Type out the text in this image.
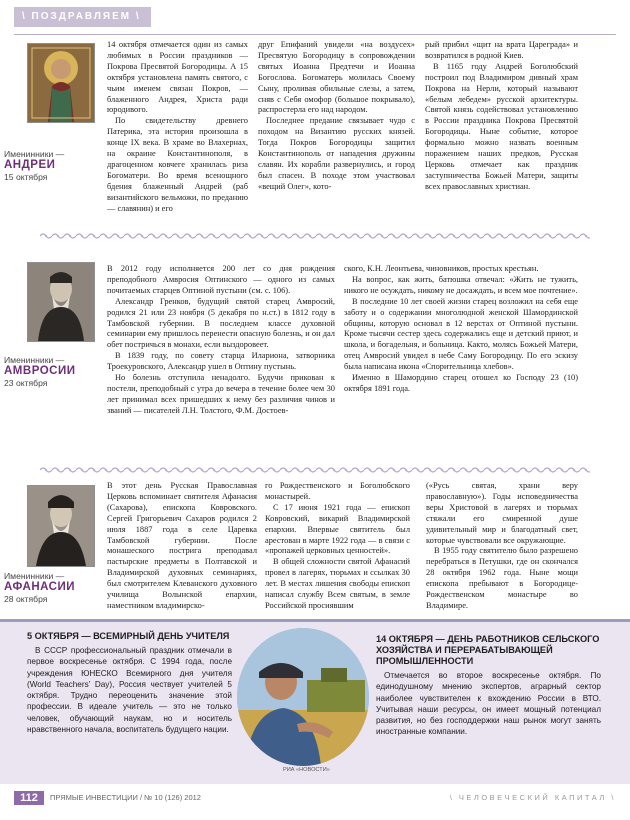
\ ПОЗДРАВЛЯЕМ \
Именинники —
АНДРЕИ
15 октября

14 октября отмечается один из самых любимых в России праздников — Покрова Пресвятой Богородицы. А 15 октября установлена память святого, с чьим именем связан Покров, — блаженного Андрея, Христа ради юродивого.

По свидетельству древнего Патерика, эта история произошла в конце IX века. В храме во Влахернах, на окраине Константинополя, в драгоценном ковчеге хранилась риза Богоматери. Во время всенощного бдения блаженный Андрей (раб византийского вельможи, по преданию — славянин) и его

друг Епифаний увидели «на воздусех» Пресвятую Богородицу в сопровождении святых Иоанна Предтечи и Иоанна Богослова. Богоматерь молилась Своему Сыну, проливая обильные слезы, а затем, сняв с Себя омофор (большое покрывало), распростерла его над народом.

Последнее предание связывает чудо с походом на Византию русских князей. Тогда Покров Богородицы защитил Константинополь от нападения дружины славян. Их корабли развернулись, и город был спасен. В походе этом участвовал «вещий Олег», кото-

рый прибил «щит на врата Цареграда» и возвратился в родной Киев.

В 1165 году Андрей Боголюбский построил под Владимиром дивный храм Покрова на Нерли, который называют «белым лебедем» русской архитектуры. Святой князь содействовал установлению в России праздника Покрова Пресвятой Богородицы. Ныне событие, которое формально можно назвать военным поражением наших предков, Русская Церковь отмечает как праздник заступничества Божьей Матери, защиты всех православных христиан.

Именинники —
АМВРОСИИ
23 октября

В 2012 году исполняется 200 лет со дня рождения преподобного Амвросия Оптинского — одного из самых почитаемых старцев Оптиной пустыни (см. с. 106).

Александр Гренков, будущий святой старец Амвросий, родился 21 или 23 ноября (5 декабря по н.ст.) в 1812 году в Тамбовской губернии. В последнем классе духовной семинарии ему пришлось перенести опасную болезнь, и он дал обет постричься в монахи, если выздоровеет.

В 1839 году, по совету старца Илариона, затворника Троекуровского, Александр ушел в Оптину пустынь.

Но болезнь отступила ненадолго. Будучи прикован к постели, преподобный с утра до вечера в течение более чем 30 лет принимал всех пришедших к нему без различия чинов и званий — писателей Л.Н. Толстого, Ф.М. Достоев-

ского, К.Н. Леонтьева, чиновников, простых крестьян.

На вопрос, как жить, батюшка отвечал: «Жить не тужить, никого не осуждать, никому не досаждать, и всем мое почтение».

В последние 10 лет своей жизни старец возложил на себя еще заботу и о содержании многолюдной женской Шамординской общины, которую основал в 12 верстах от Оптиной пустыни. Кроме тысячи сестер здесь содержались еще и детский приют, и школа, и богадельня, и больница. Както, молясь Божьей Матери, отец Амвросий увидел в небе Саму Богородицу. По его эскизу была написана икона «Спорительница хлебов».

Именно в Шамордино старец отошел ко Господу 23 (10) октября 1891 года.

Именинники —
АФАНАСИИ
28 октября

В этот день Русская Православная Церковь вспоминает святителя Афанасия (Сахарова), епископа Ковровского. Сергей Григорьевич Сахаров родился 2 июля 1887 года в селе Царевка Тамбовской губернии. После монашеского пострига преподавал пастырские предметы в Полтавской и Владимирской духовных семинариях, был смотрителем Клеванского духовного училища Волынской епархии, наместником владимирско-

го Рождественского и Боголюбского монастырей.

С 17 июня 1921 года — епископ Ковровский, викарий Владимирской епархии. Впервые святитель был арестован в марте 1922 года — в связи с «пропажей церковных ценностей».

В общей сложности святой Афанасий провел в лагерях, тюрьмах и ссылках 30 лет. В местах лишения свободы епископ написал службу Всем святым, в земле Российской просиявшим

(«Русь святая, храни веру православную»). Годы исповедничества веры Христовой в лагерях и тюрьмах стяжали его смиренной душе удивительный мир и благодатный свет, которые чувствовали все окружающие.

В 1955 году святителю было разрешено перебраться в Петушки, где он скончался 28 октября 1962 года. Ныне мощи епископа пребывают в Богородице-Рождественском монастыре во Владимире.

5 ОКТЯБРЯ — ВСЕМИРНЫЙ ДЕНЬ УЧИТЕЛЯ

В СССР профессиональный праздник отмечали в первое воскресенье октября. С 1994 года, после учреждения ЮНЕСКО Всемирного дня учителя (World Teachers’ Day), Россия чествует учителей 5 октября. Трудно переоценить значение этой профессии. В идеале учитель — это не только человек, обучающий наукам, но и носитель нравственного начала, воспитатель будущего нации.

РИА «НОВОСТИ»
14 ОКТЯБРЯ — ДЕНЬ РАБОТНИКОВ СЕЛЬСКОГО
ХОЗЯЙСТВА И ПЕРЕРАБАТЫВАЮЩЕЙ
ПРОМЫШЛЕННОСТИ

Отмечается во второе воскресенье октября. По единодушному мнению экспертов, аграрный сектор наиболее чувствителен к вхождению России в ВТО. Учитывая наши ресурсы, он имеет мощный потенциал развития, но без господдержки наш рынок могут занять иностранные компании.

112	ПРЯМЫЕ ИНВЕСТИЦИИ / № 10 (126) 2012	\ ЧЕЛОВЕЧЕСКИЙ КАПИТАЛ \
